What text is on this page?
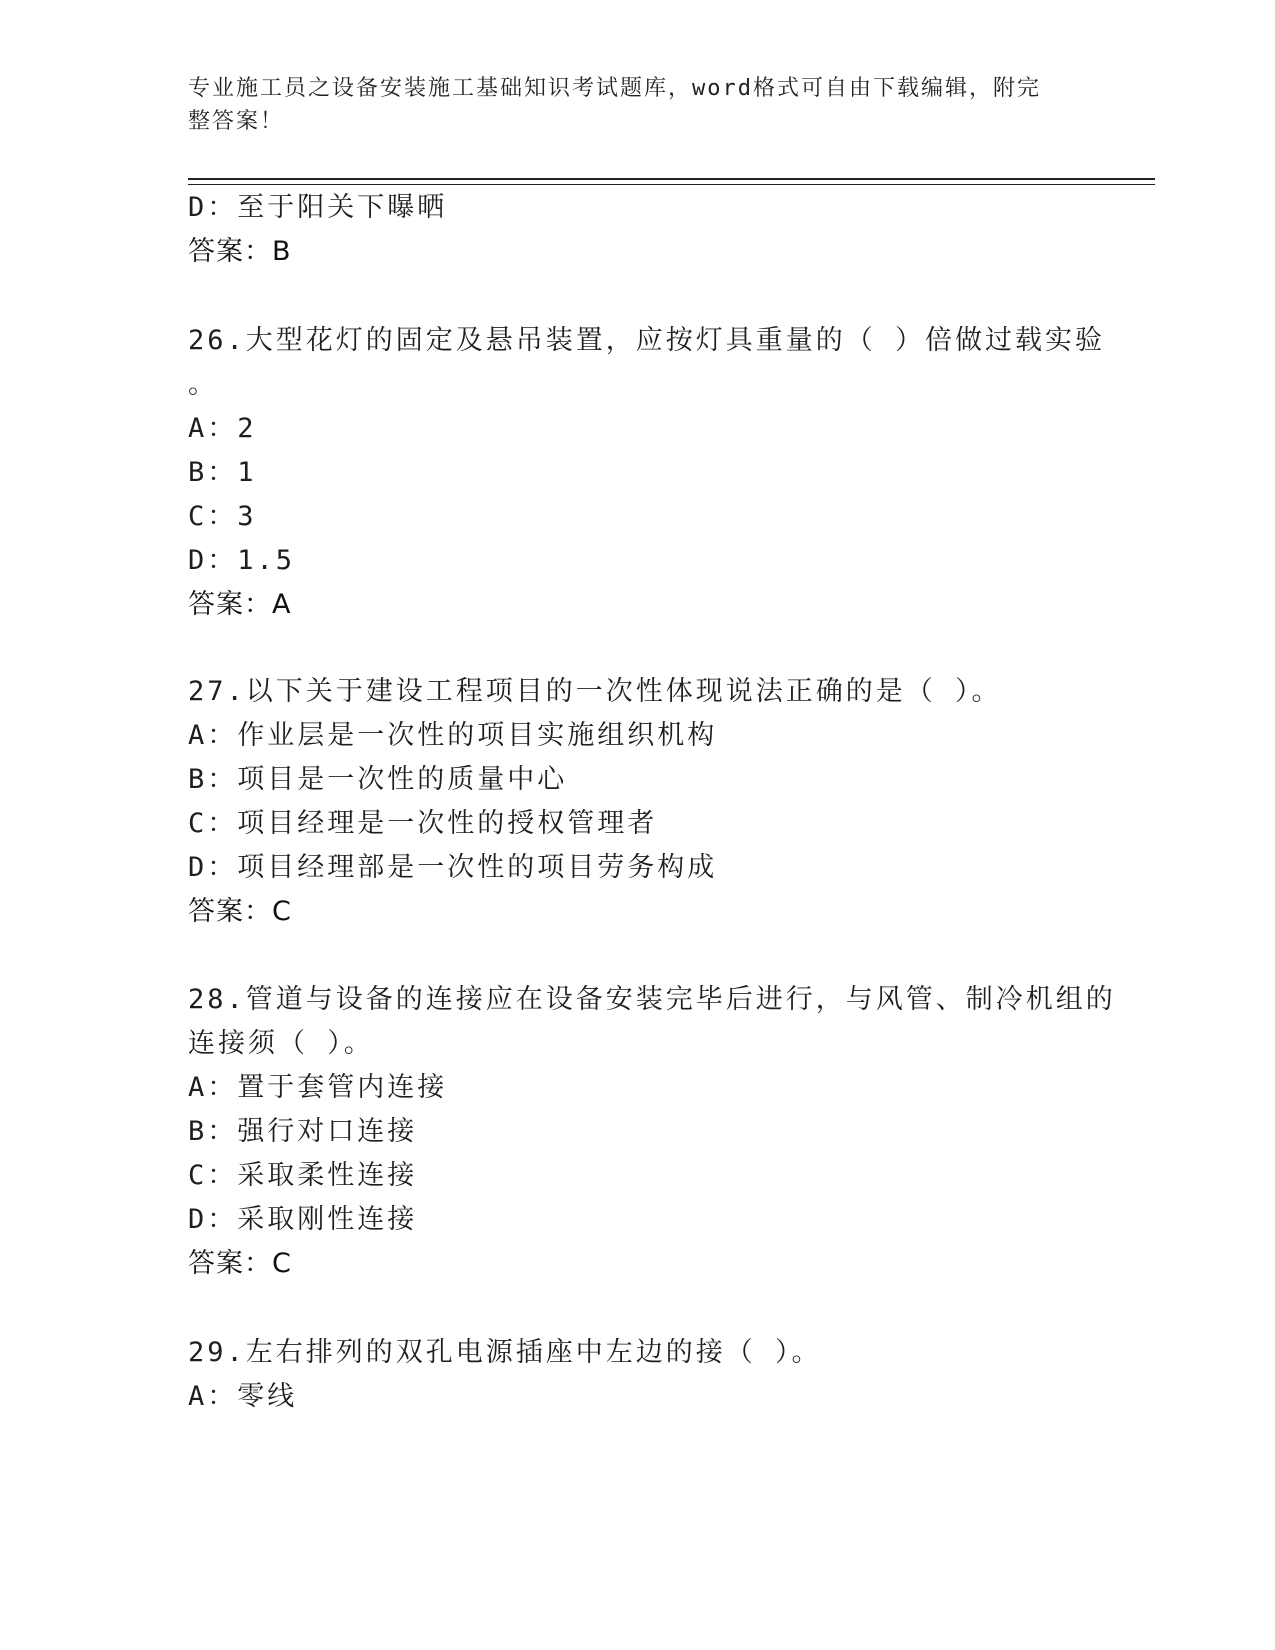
专业施工员之设备安装施工基础知识考试题库，word格式可自由下载编辑，附完
整答案！
D：至于阳关下曝晒
答案：B
26.大型花灯的固定及悬吊装置，应按灯具重量的（ ）倍做过载实验
。
A：2
B：1
C：3
D：1.5
答案：A
27.以下关于建设工程项目的一次性体现说法正确的是（ ）。
A：作业层是一次性的项目实施组织机构
B：项目是一次性的质量中心
C：项目经理是一次性的授权管理者
D：项目经理部是一次性的项目劳务构成
答案：C
28.管道与设备的连接应在设备安装完毕后进行，与风管、制冷机组的
连接须（ ）。
A：置于套管内连接
B：强行对口连接
C：采取柔性连接
D：采取刚性连接
答案：C
29.左右排列的双孔电源插座中左边的接（ ）。
A：零线
